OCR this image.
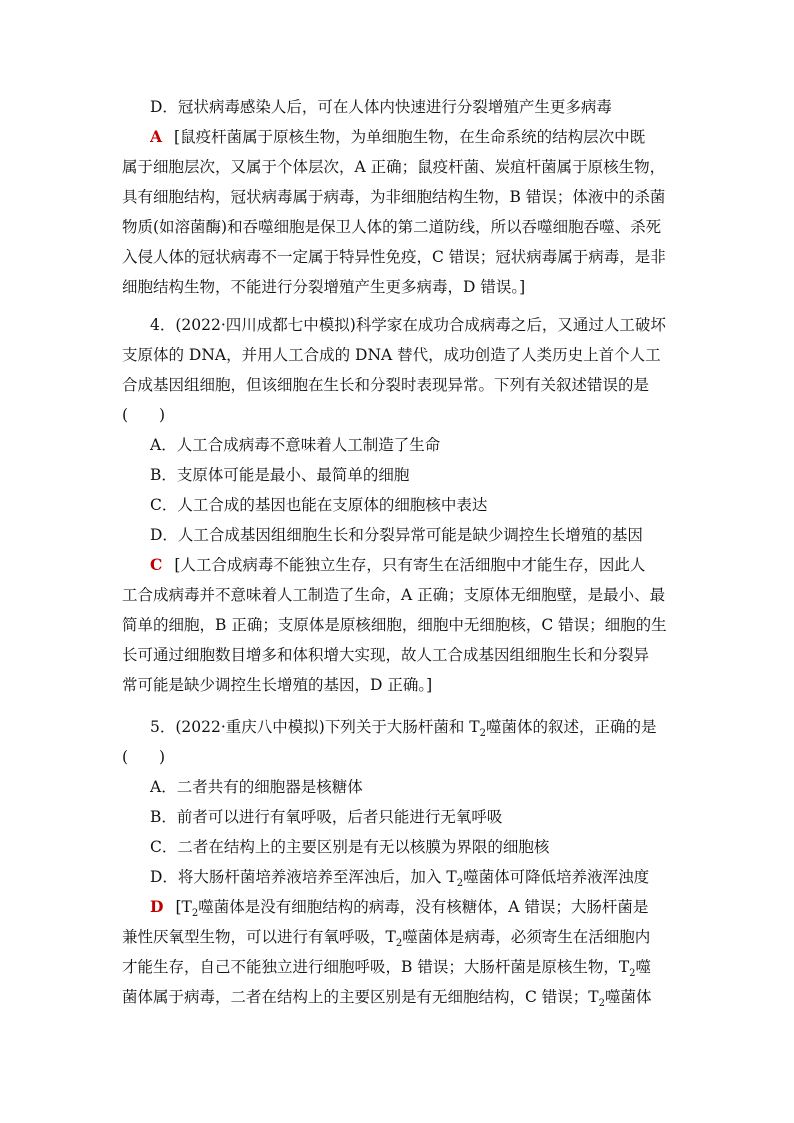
D．冠状病毒感染人后，可在人体内快速进行分裂增殖产生更多病毒
A [鼠疫杆菌属于原核生物，为单细胞生物，在生命系统的结构层次中既
属于细胞层次，又属于个体层次，A 正确；鼠疫杆菌、炭疽杆菌属于原核生物，
具有细胞结构，冠状病毒属于病毒，为非细胞结构生物，B 错误；体液中的杀菌
物质(如溶菌酶)和吞噬细胞是保卫人体的第二道防线，所以吞噬细胞吞噬、杀死
入侵人体的冠状病毒不一定属于特异性免疫，C 错误；冠状病毒属于病毒，是非
细胞结构生物，不能进行分裂增殖产生更多病毒，D 错误。]
4．(2022·四川成都七中模拟)科学家在成功合成病毒之后，又通过人工破坏
支原体的 DNA，并用人工合成的 DNA 替代，成功创造了人类历史上首个人工
合成基因组细胞，但该细胞在生长和分裂时表现异常。下列有关叙述错误的是
(　　)
A．人工合成病毒不意味着人工制造了生命
B．支原体可能是最小、最简单的细胞
C．人工合成的基因也能在支原体的细胞核中表达
D．人工合成基因组细胞生长和分裂异常可能是缺少调控生长增殖的基因
C [人工合成病毒不能独立生存，只有寄生在活细胞中才能生存，因此人
工合成病毒并不意味着人工制造了生命，A 正确；支原体无细胞壁，是最小、最
简单的细胞，B 正确；支原体是原核细胞，细胞中无细胞核，C 错误；细胞的生
长可通过细胞数目增多和体积增大实现，故人工合成基因组细胞生长和分裂异
常可能是缺少调控生长增殖的基因，D 正确。]
5．(2022·重庆八中模拟)下列关于大肠杆菌和 $T_2$噬菌体的叙述，正确的是
(　　)
A．二者共有的细胞器是核糖体
B．前者可以进行有氧呼吸，后者只能进行无氧呼吸
C．二者在结构上的主要区别是有无以核膜为界限的细胞核
D．将大肠杆菌培养液培养至浑浊后，加入 $T_2$噬菌体可降低培养液浑浊度
D [$T_2$噬菌体是没有细胞结构的病毒，没有核糖体，A 错误；大肠杆菌是
兼性厌氧型生物，可以进行有氧呼吸，$T_2$噬菌体是病毒，必须寄生在活细胞内
才能生存，自己不能独立进行细胞呼吸，B 错误；大肠杆菌是原核生物，$T_2$噬
菌体属于病毒，二者在结构上的主要区别是有无细胞结构，C 错误；$T_2$噬菌体
